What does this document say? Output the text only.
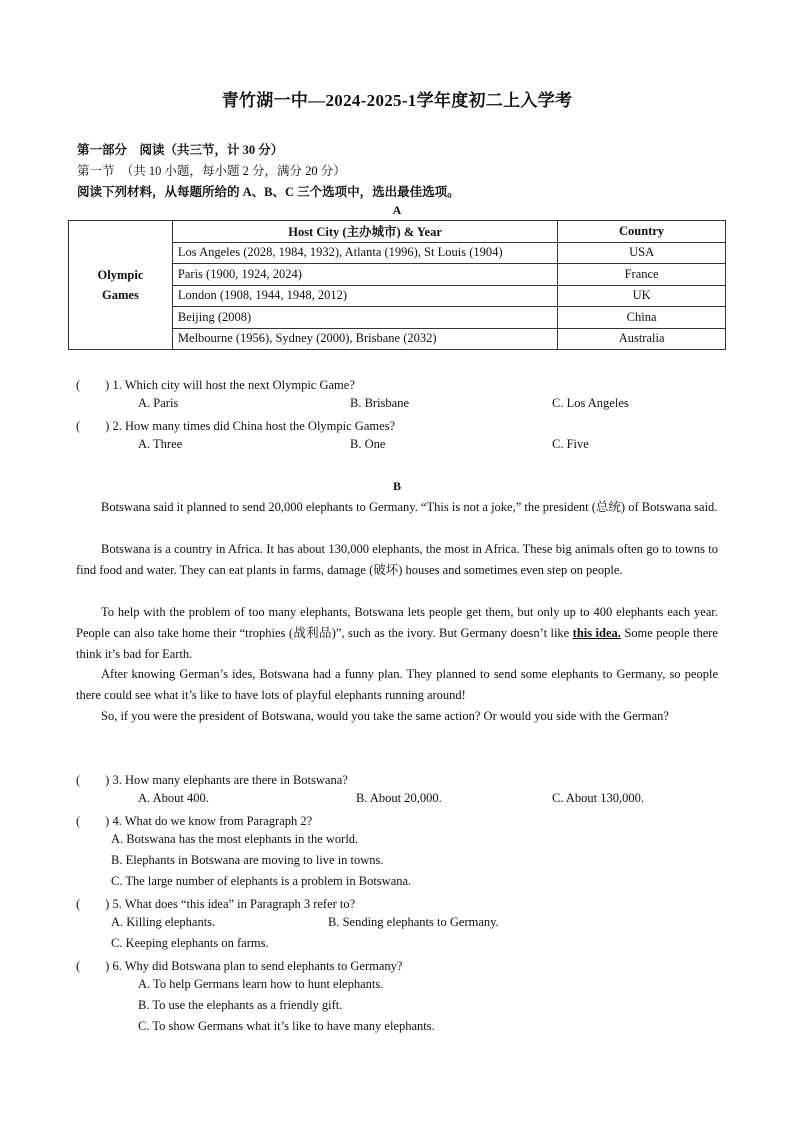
青竹湖一中—2024-2025-1学年度初二上入学考
第一部分　阅读（共三节，计 30 分）
第一节　（共 10 小题，每小题 2 分，满分 20 分）
阅读下列材料，从每题所给的 A、B、C 三个选项中，选出最佳选项。
A
Olympic Games	Host City (主办城市) & Year	Country
	Los Angeles (2028, 1984, 1932), Atlanta (1996), St Louis (1904)	USA
	Paris (1900, 1924, 2024)	France
	London (1908, 1944, 1948, 2012)	UK
	Beijing (2008)	China
	Melbourne (1956), Sydney (2000), Brisbane (2032)	Australia
(　　) 1. Which city will host the next Olympic Game?
A. Paris	B. Brisbane	C. Los Angeles
(　　) 2. How many times did China host the Olympic Games?
A. Three	B. One	C. Five
B
Botswana said it planned to send 20,000 elephants to Germany. “This is not a joke,” the president (总统) of Botswana said.
Botswana is a country in Africa. It has about 130,000 elephants, the most in Africa. These big animals often go to towns to find food and water. They can eat plants in farms, damage (破坏) houses and sometimes even step on people.
To help with the problem of too many elephants, Botswana lets people get them, but only up to 400 elephants each year. People can also take home their “trophies (战利品)”, such as the ivory. But Germany doesn’t like this idea. Some people there think it’s bad for Earth.
After knowing German’s ides, Botswana had a funny plan. They planned to send some elephants to Germany, so people there could see what it’s like to have lots of playful elephants running around!
So, if you were the president of Botswana, would you take the same action? Or would you side with the German?
(　　) 3. How many elephants are there in Botswana?
A. About 400.	B. About 20,000.	C. About 130,000.
(　　) 4. What do we know from Paragraph 2?
A. Botswana has the most elephants in the world.
B. Elephants in Botswana are moving to live in towns.
C. The large number of elephants is a problem in Botswana.
(　　) 5. What does “this idea” in Paragraph 3 refer to?
A. Killing elephants.	B. Sending elephants to Germany.
C. Keeping elephants on farms.
(　　) 6. Why did Botswana plan to send elephants to Germany?
A. To help Germans learn how to hunt elephants.
B. To use the elephants as a friendly gift.
C. To show Germans what it’s like to have many elephants.
